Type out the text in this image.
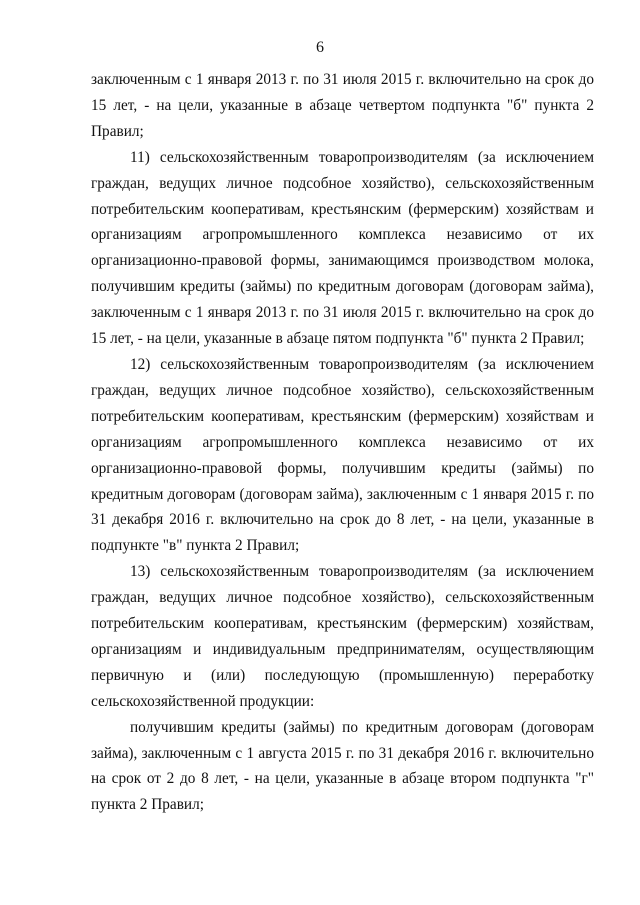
6

заключенным с 1 января 2013 г. по 31 июля 2015 г. включительно на срок до 15 лет, - на цели, указанные в абзаце четвертом подпункта "б" пункта 2 Правил;

11) сельскохозяйственным товаропроизводителям (за исключением граждан, ведущих личное подсобное хозяйство), сельскохозяйственным потребительским кооперативам, крестьянским (фермерским) хозяйствам и организациям агропромышленного комплекса независимо от их организационно-правовой формы, занимающимся производством молока, получившим кредиты (займы) по кредитным договорам (договорам займа), заключенным с 1 января 2013 г. по 31 июля 2015 г. включительно на срок до 15 лет, - на цели, указанные в абзаце пятом подпункта "б" пункта 2 Правил;

12) сельскохозяйственным товаропроизводителям (за исключением граждан, ведущих личное подсобное хозяйство), сельскохозяйственным потребительским кооперативам, крестьянским (фермерским) хозяйствам и организациям агропромышленного комплекса независимо от их организационно-правовой формы, получившим кредиты (займы) по кредитным договорам (договорам займа), заключенным с 1 января 2015 г. по 31 декабря 2016 г. включительно на срок до 8 лет, - на цели, указанные в подпункте "в" пункта 2 Правил;

13) сельскохозяйственным товаропроизводителям (за исключением граждан, ведущих личное подсобное хозяйство), сельскохозяйственным потребительским кооперативам, крестьянским (фермерским) хозяйствам, организациям и индивидуальным предпринимателям, осуществляющим первичную и (или) последующую (промышленную) переработку сельскохозяйственной продукции:

получившим кредиты (займы) по кредитным договорам (договорам займа), заключенным с 1 августа 2015 г. по 31 декабря 2016 г. включительно на срок от 2 до 8 лет, - на цели, указанные в абзаце втором подпункта "г" пункта 2 Правил;
